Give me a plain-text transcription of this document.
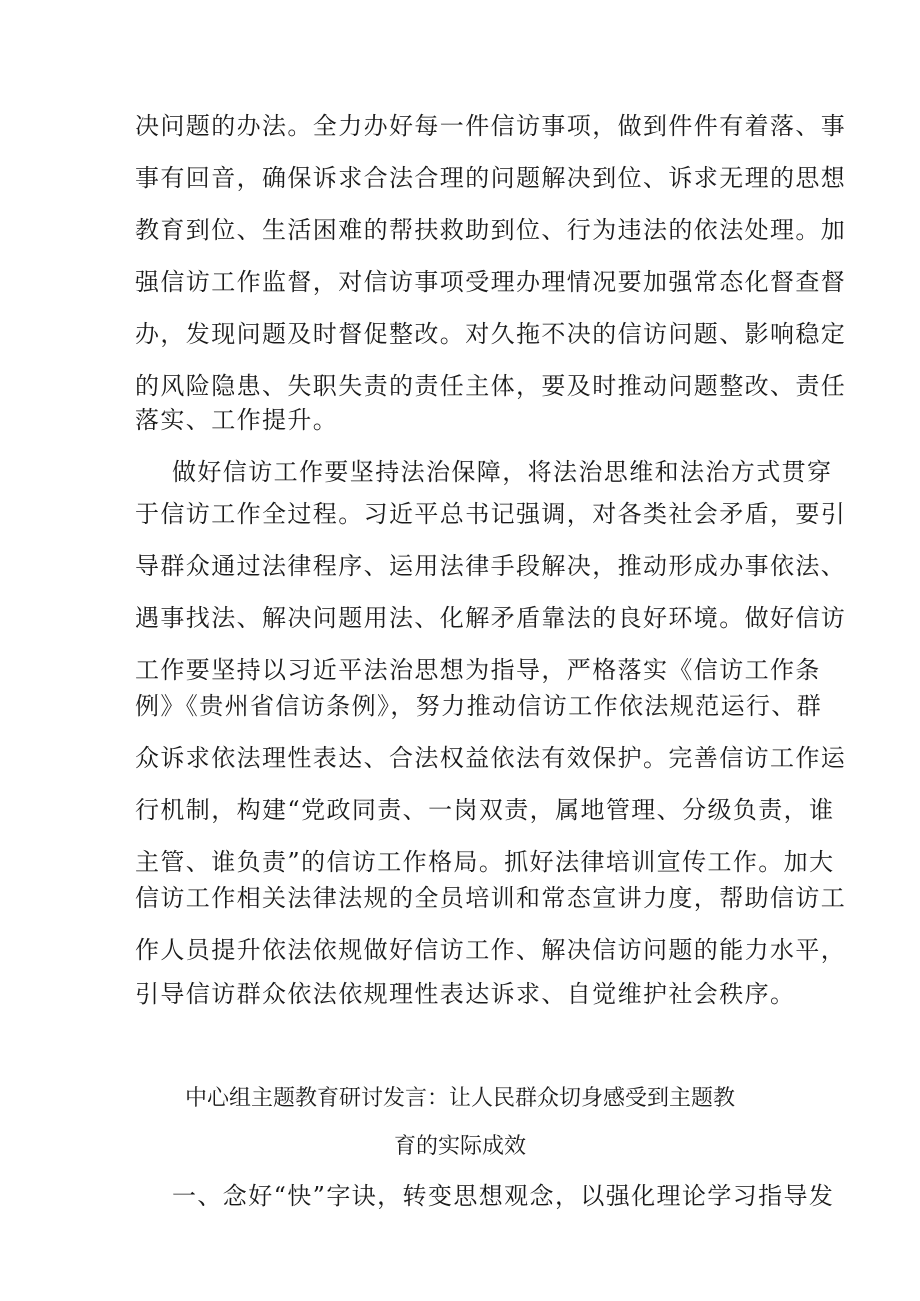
决问题的办法。全力办好每一件信访事项，做到件件有着落、事
事有回音，确保诉求合法合理的问题解决到位、诉求无理的思想
教育到位、生活困难的帮扶救助到位、行为违法的依法处理。加
强信访工作监督，对信访事项受理办理情况要加强常态化督查督
办，发现问题及时督促整改。对久拖不决的信访问题、影响稳定
的风险隐患、失职失责的责任主体，要及时推动问题整改、责任
落实、工作提升。
做好信访工作要坚持法治保障，将法治思维和法治方式贯穿
于信访工作全过程。习近平总书记强调，对各类社会矛盾，要引
导群众通过法律程序、运用法律手段解决，推动形成办事依法、
遇事找法、解决问题用法、化解矛盾靠法的良好环境。做好信访
工作要坚持以习近平法治思想为指导，严格落实《信访工作条
例》《贵州省信访条例》，努力推动信访工作依法规范运行、群
众诉求依法理性表达、合法权益依法有效保护。完善信访工作运
行机制，构建“党政同责、一岗双责，属地管理、分级负责，谁
主管、谁负责”的信访工作格局。抓好法律培训宣传工作。加大
信访工作相关法律法规的全员培训和常态宣讲力度，帮助信访工
作人员提升依法依规做好信访工作、解决信访问题的能力水平，
引导信访群众依法依规理性表达诉求、自觉维护社会秩序。
中心组主题教育研讨发言：让人民群众切身感受到主题教
育的实际成效
一、念好“快”字诀，转变思想观念，以强化理论学习指导发
